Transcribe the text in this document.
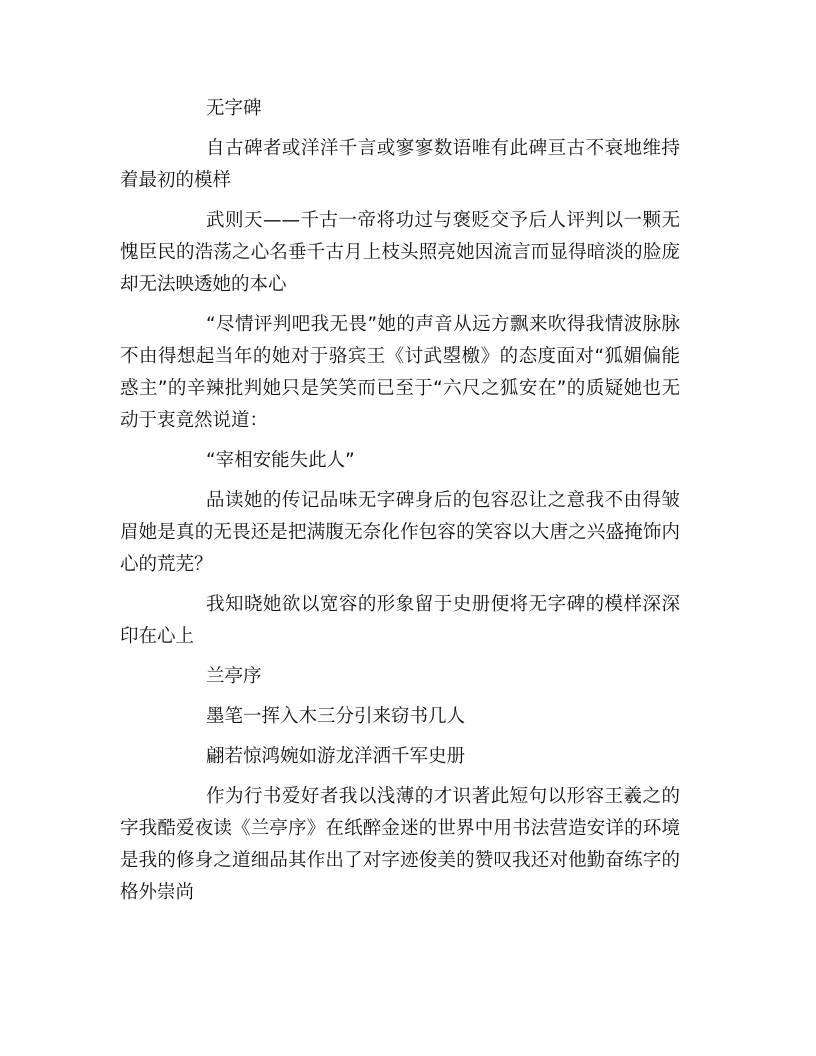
无字碑

自古碑者或洋洋千言或寥寥数语唯有此碑亘古不衰地维持着最初的模样

武则天——千古一帝将功过与褒贬交予后人评判以一颗无愧臣民的浩荡之心名垂千古月上枝头照亮她因流言而显得暗淡的脸庞却无法映透她的本心

“尽情评判吧我无畏”她的声音从远方飘来吹得我情波脉脉不由得想起当年的她对于骆宾王《讨武曌檄》的态度面对“狐媚偏能惑主”的辛辣批判她只是笑笑而已至于“六尺之狐安在”的质疑她也无动于衷竟然说道：

“宰相安能失此人”

品读她的传记品味无字碑身后的包容忍让之意我不由得皱眉她是真的无畏还是把满腹无奈化作包容的笑容以大唐之兴盛掩饰内心的荒芜？

我知晓她欲以宽容的形象留于史册便将无字碑的模样深深印在心上

兰亭序

墨笔一挥入木三分引来窃书几人

翩若惊鸿婉如游龙洋洒千军史册

作为行书爱好者我以浅薄的才识著此短句以形容王羲之的字我酷爱夜读《兰亭序》在纸醉金迷的世界中用书法营造安详的环境是我的修身之道细品其作出了对字迹俊美的赞叹我还对他勤奋练字的格外崇尚
